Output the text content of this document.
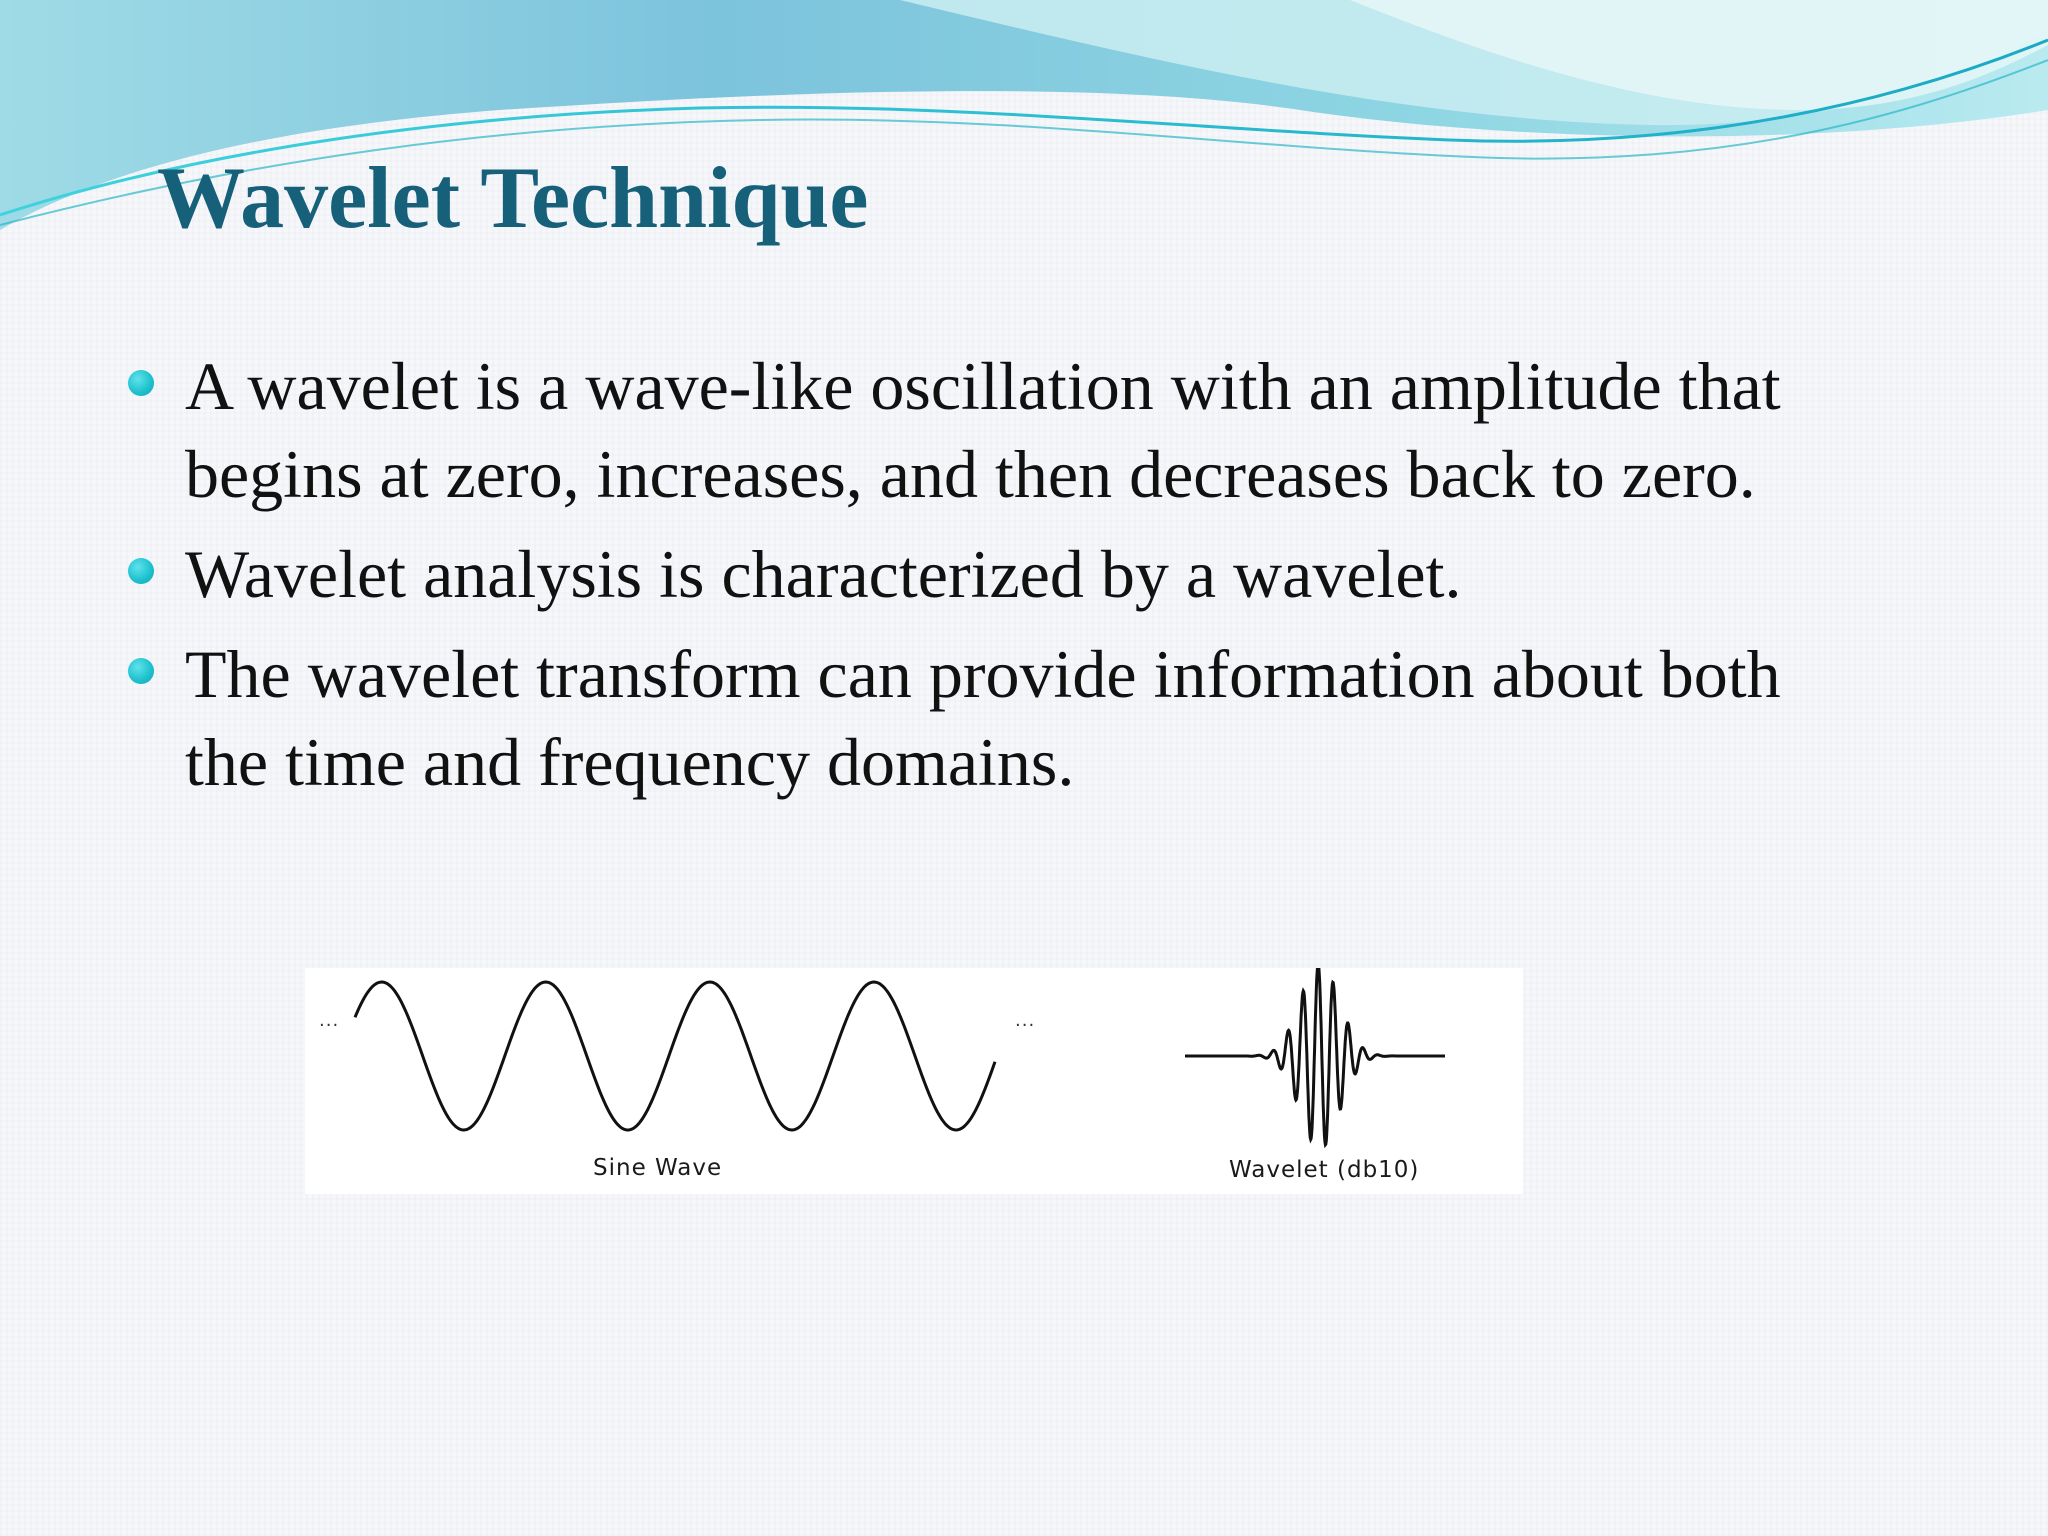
Wavelet Technique
A wavelet is a wave-like oscillation with an amplitude that
begins at zero, increases, and then decreases back to zero.
Wavelet analysis is characterized by a wavelet.
The wavelet transform can provide information about both
the time and frequency domains.
...	...
Sine Wave	Wavelet (db10)
